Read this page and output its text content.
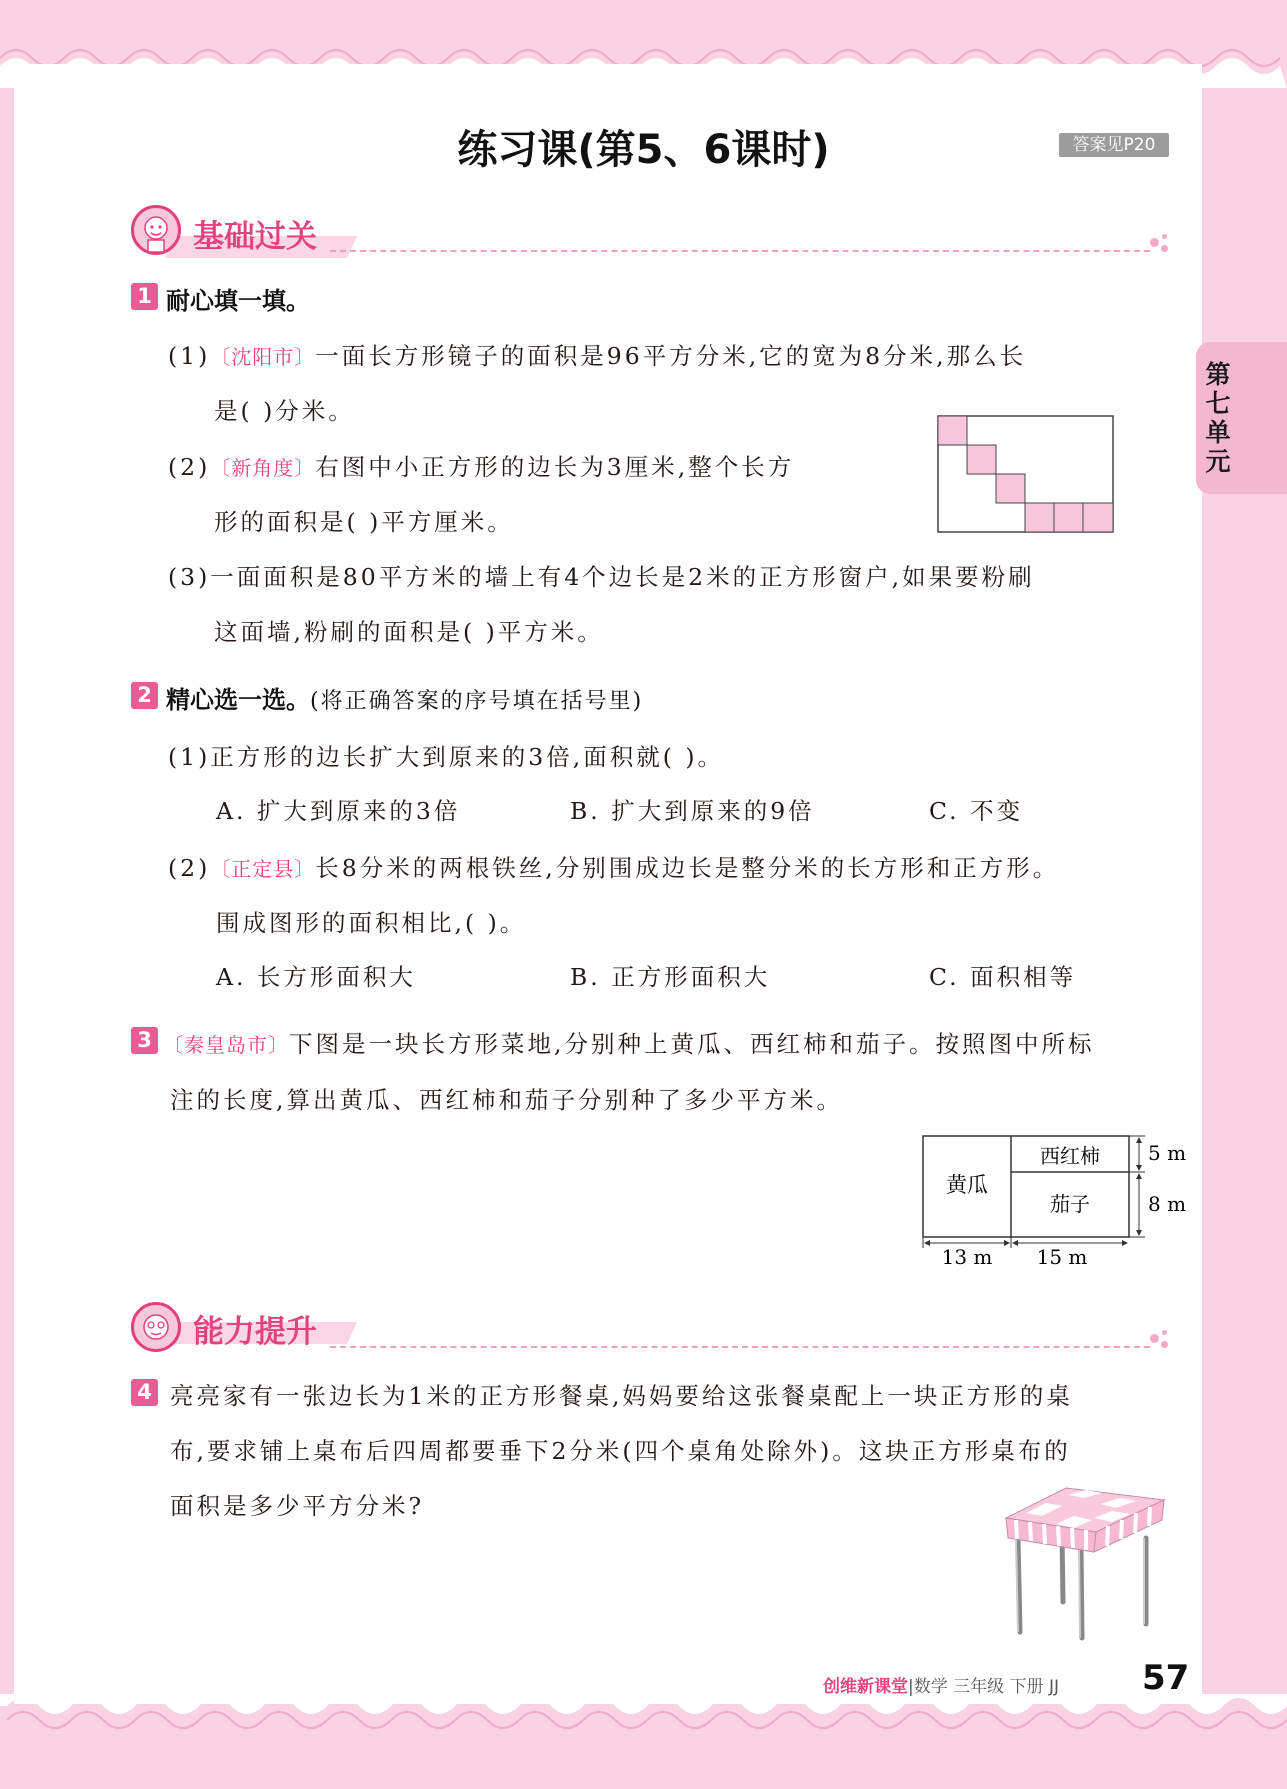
练习课(第5、6课时)	答案见P20
第七单元
基础过关
1 耐心填一填。
(1)〔沈阳市〕一面长方形镜子的面积是96平方分米,它的宽为8分米,那么长
是( )分米。
(2)〔新角度〕右图中小正方形的边长为3厘米,整个长方
形的面积是( )平方厘米。
(3)一面面积是80平方米的墙上有4个边长是2米的正方形窗户,如果要粉刷
这面墙,粉刷的面积是( )平方米。
2 精心选一选。(将正确答案的序号填在括号里)
(1)正方形的边长扩大到原来的3倍,面积就( )。
A. 扩大到原来的3倍	B. 扩大到原来的9倍	C. 不变
(2)〔正定县〕长8分米的两根铁丝,分别围成边长是整分米的长方形和正方形。
围成图形的面积相比,( )。
A. 长方形面积大	B. 正方形面积大	C. 面积相等
3 〔秦皇岛市〕下图是一块长方形菜地,分别种上黄瓜、西红柿和茄子。按照图中所标
注的长度,算出黄瓜、西红柿和茄子分别种了多少平方米。
黄瓜
西红柿
茄子
5 m
8 m
13 m 15 m
能力提升
4 亮亮家有一张边长为1米的正方形餐桌,妈妈要给这张餐桌配上一块正方形的桌
布,要求铺上桌布后四周都要垂下2分米(四个桌角处除外)。这块正方形桌布的
面积是多少平方分米?
创维新课堂|数学 三年级 下册 JJ 57
